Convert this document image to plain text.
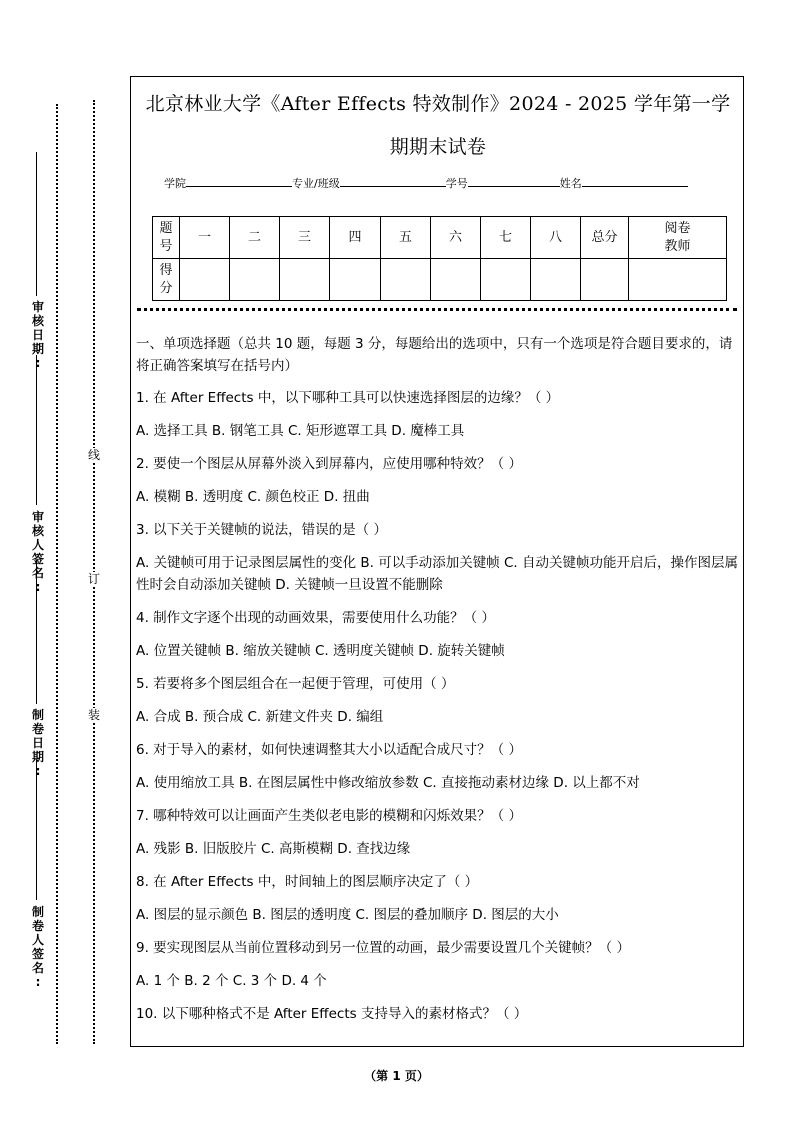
审
核
日
期
:
审
核
人
签
名
:
制
卷
日
期
:
制
卷
人
签
名
:
线
订
装
北京林业大学《After Effects 特效制作》2024 - 2025 学年第一学
期期末试卷
学院	专业/班级	学号	姓名
题号	一	二	三	四	五	六	七	八	总分	阅卷教师
得分										

一、单项选择题（总共 10 题，每题 3 分，每题给出的选项中，只有一个选项是符合题目要求的，请将正确答案填写在括号内）

1. 在 After Effects 中，以下哪种工具可以快速选择图层的边缘？（ ）

A. 选择工具 B. 钢笔工具 C. 矩形遮罩工具 D. 魔棒工具

2. 要使一个图层从屏幕外淡入到屏幕内，应使用哪种特效？（ ）

A. 模糊 B. 透明度 C. 颜色校正 D. 扭曲

3. 以下关于关键帧的说法，错误的是（ ）

A. 关键帧可用于记录图层属性的变化 B. 可以手动添加关键帧 C. 自动关键帧功能开启后，操作图层属性时会自动添加关键帧 D. 关键帧一旦设置不能删除

4. 制作文字逐个出现的动画效果，需要使用什么功能？（ ）

A. 位置关键帧 B. 缩放关键帧 C. 透明度关键帧 D. 旋转关键帧

5. 若要将多个图层组合在一起便于管理，可使用（ ）

A. 合成 B. 预合成 C. 新建文件夹 D. 编组

6. 对于导入的素材，如何快速调整其大小以适配合成尺寸？（ ）

A. 使用缩放工具 B. 在图层属性中修改缩放参数 C. 直接拖动素材边缘 D. 以上都不对

7. 哪种特效可以让画面产生类似老电影的模糊和闪烁效果？（ ）

A. 残影 B. 旧版胶片 C. 高斯模糊 D. 查找边缘

8. 在 After Effects 中，时间轴上的图层顺序决定了（ ）

A. 图层的显示颜色 B. 图层的透明度 C. 图层的叠加顺序 D. 图层的大小

9. 要实现图层从当前位置移动到另一位置的动画，最少需要设置几个关键帧？（ ）

A. 1 个 B. 2 个 C. 3 个 D. 4 个

10. 以下哪种格式不是 After Effects 支持导入的素材格式？（ ）

（第 1 页）
